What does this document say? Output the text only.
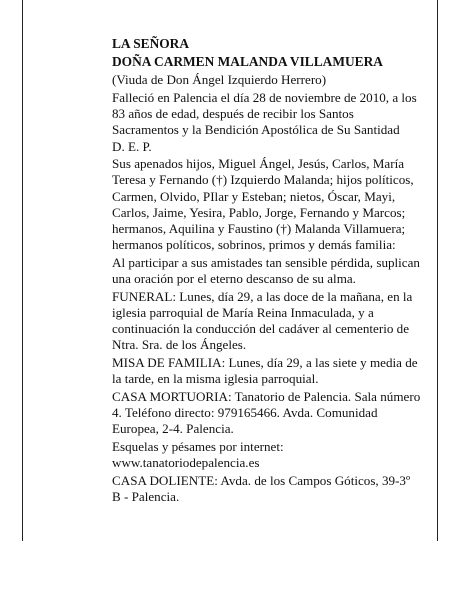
LA SEÑORA

DOÑA CARMEN MALANDA VILLAMUERA

(Viuda de Don Ángel Izquierdo Herrero)

Falleció en Palencia el día 28 de noviembre de 2010, a los 83 años de edad, después de recibir los Santos Sacramentos y la Bendición Apostólica de Su Santidad
D. E. P.

Sus apenados hijos, Miguel Ángel, Jesús, Carlos, María Teresa y Fernando (†) Izquierdo Malanda; hijos políticos, Carmen, Olvido, PIlar y Esteban; nietos, Óscar, Mayi, Carlos, Jaime, Yesira, Pablo, Jorge, Fernando y Marcos; hermanos, Aquilina y Faustino (†) Malanda Villamuera; hermanos políticos, sobrinos, primos y demás familia:

Al participar a sus amistades tan sensible pérdida, suplican una oración por el eterno descanso de su alma.

FUNERAL: Lunes, día 29, a las doce de la mañana, en la iglesia parroquial de María Reina Inmaculada, y a continuación la conducción del cadáver al cementerio de Ntra. Sra. de los Ángeles.

MISA DE FAMILIA: Lunes, día 29, a las siete y media de la tarde, en la misma iglesia parroquial.

CASA MORTUORIA: Tanatorio de Palencia. Sala número 4. Teléfono directo: 979165466. Avda. Comunidad Europea, 2-4. Palencia.

Esquelas y pésames por internet:
www.tanatoriodepalencia.es

CASA DOLIENTE: Avda. de los Campos Góticos, 39-3º B - Palencia.
